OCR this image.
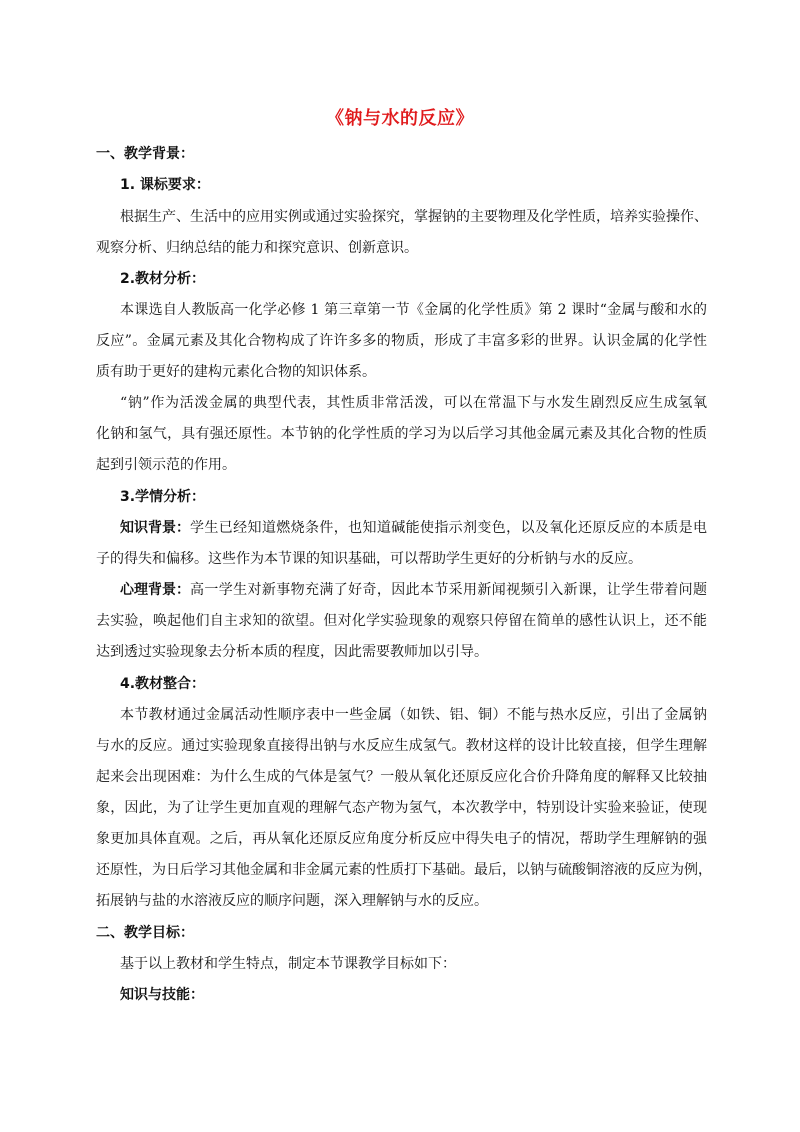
《钠与水的反应》
一、教学背景：
1. 课标要求：
根据生产、生活中的应用实例或通过实验探究，掌握钠的主要物理及化学性质，培养实验操作、
观察分析、归纳总结的能力和探究意识、创新意识。
2.教材分析：
本课选自人教版高一化学必修 1 第三章第一节《金属的化学性质》第 2 课时“金属与酸和水的
反应”。金属元素及其化合物构成了许许多多的物质，形成了丰富多彩的世界。认识金属的化学性
质有助于更好的建构元素化合物的知识体系。
“钠”作为活泼金属的典型代表，其性质非常活泼，可以在常温下与水发生剧烈反应生成氢氧
化钠和氢气，具有强还原性。本节钠的化学性质的学习为以后学习其他金属元素及其化合物的性质
起到引领示范的作用。
3.学情分析：
知识背景： 学生已经知道燃烧条件，也知道碱能使指示剂变色，以及氧化还原反应的本质是电
子的得失和偏移。这些作为本节课的知识基础，可以帮助学生更好的分析钠与水的反应。
心理背景： 高一学生对新事物充满了好奇，因此本节采用新闻视频引入新课，让学生带着问题
去实验，唤起他们自主求知的欲望。但对化学实验现象的观察只停留在简单的感性认识上，还不能
达到透过实验现象去分析本质的程度，因此需要教师加以引导。
4.教材整合：
本节教材通过金属活动性顺序表中一些金属（如铁、铝、铜）不能与热水反应，引出了金属钠
与水的反应。通过实验现象直接得出钠与水反应生成氢气。教材这样的设计比较直接，但学生理解
起来会出现困难：为什么生成的气体是氢气？一般从氧化还原反应化合价升降角度的解释又比较抽
象，因此，为了让学生更加直观的理解气态产物为氢气，本次教学中，特别设计实验来验证，使现
象更加具体直观。之后，再从氧化还原反应角度分析反应中得失电子的情况，帮助学生理解钠的强
还原性，为日后学习其他金属和非金属元素的性质打下基础。最后，以钠与硫酸铜溶液的反应为例，
拓展钠与盐的水溶液反应的顺序问题，深入理解钠与水的反应。
二、教学目标：
基于以上教材和学生特点，制定本节课教学目标如下：
知识与技能：
